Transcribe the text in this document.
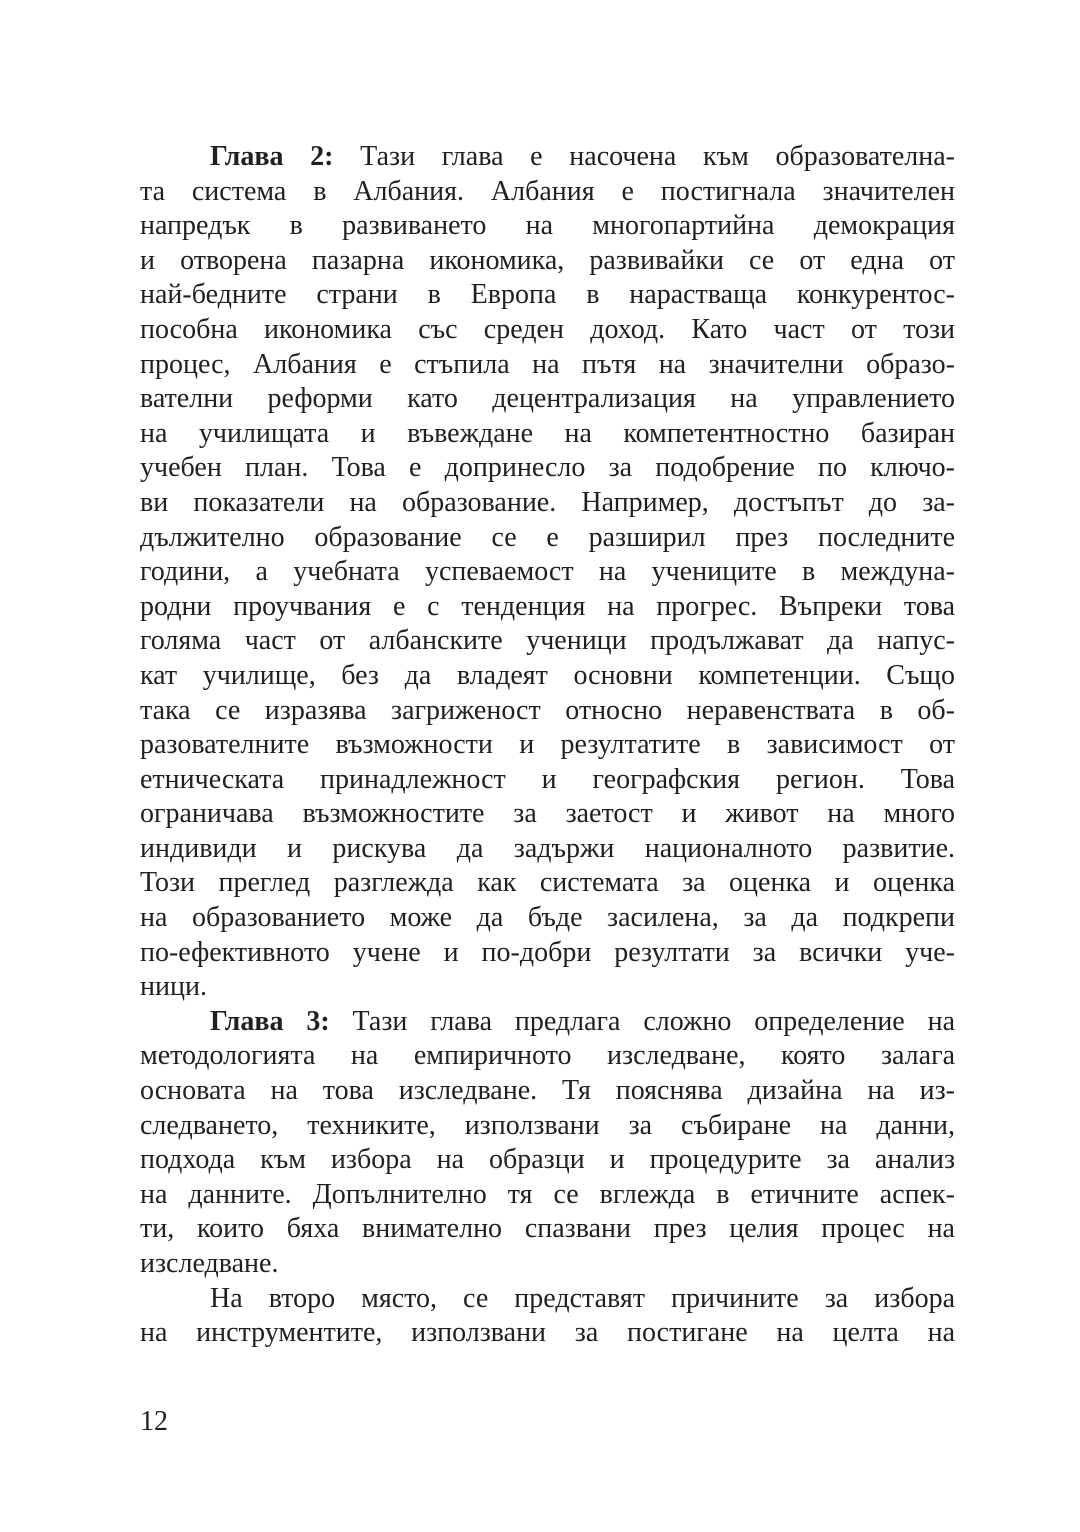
Глава 2: Тази глава е насочена към образователна-
та система в Албания. Албания е постигнала значителен
напредък в развиването на многопартийна демокрация
и отворена пазарна икономика, развивайки се от една от
най-бедните страни в Европа в нарастваща конкурентос-
пособна икономика със среден доход. Като част от този
процес, Албания е стъпила на пътя на значителни образо-
вателни реформи като децентрализация на управлението
на училищата и въвеждане на компетентностно базиран
учебен план. Това е допринесло за подобрение по ключо-
ви показатели на образование. Например, достъпът до за-
дължително образование се е разширил през последните
години, а учебната успеваемост на учениците в междуна-
родни проучвания е с тенденция на прогрес. Въпреки това
голяма част от албанските ученици продължават да напус-
кат училище, без да владеят основни компетенции. Също
така се изразява загриженост относно неравенствата в об-
разователните възможности и резултатите в зависимост от
етническата принадлежност и географския регион. Това
ограничава възможностите за заетост и живот на много
индивиди и рискува да задържи националното развитие.
Този преглед разглежда как системата за оценка и оценка
на образованието може да бъде засилена, за да подкрепи
по-ефективното учене и по-добри резултати за всички уче-
ници.
Глава 3: Тази глава предлага сложно определение на
методологията на емпиричното изследване, която залага
основата на това изследване. Тя пояснява дизайна на из-
следването, техниките, използвани за събиране на данни,
подхода към избора на образци и процедурите за анализ
на данните. Допълнително тя се вглежда в етичните аспек-
ти, които бяха внимателно спазвани през целия процес на
изследване.
На второ място, се представят причините за избора
на инструментите, използвани за постигане на целта на
12
